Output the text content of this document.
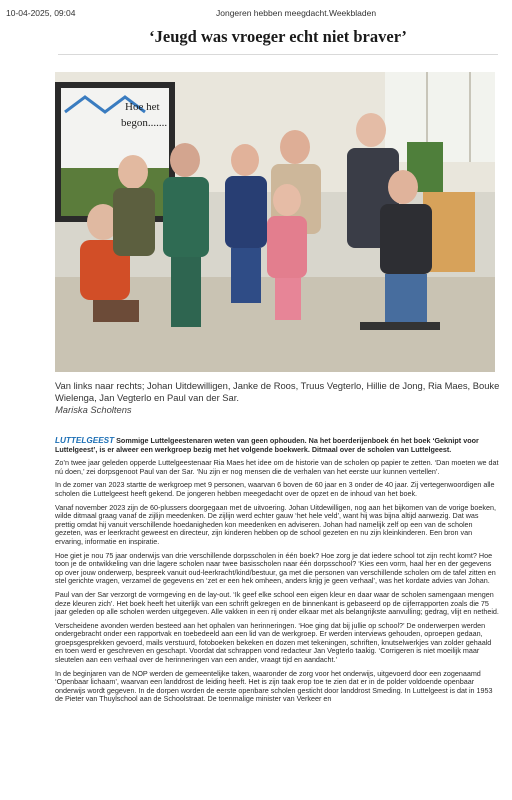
10-04-2025, 09:04	Jongeren hebben meegdacht.Weekbladen
‘Jeugd was vroeger echt niet braver’
Hoe het
begon.......
Van links naar rechts; Johan Uitdewilligen, Janke de Roos, Truus Vegterlo, Hillie de Jong, Ria Maes, Bouke Wielenga, Jan Vegterlo en Paul van der Sar.
Mariska Scholtens

LUTTELGEEST Sommige Luttelgeestenaren weten van geen ophouden. Na het boerderijenboek én het boek ‘Geknipt voor Luttelgeest’, is er alweer een werkgroep bezig met het volgende boekwerk. Ditmaal over de scholen van Luttelgeest.

Zo’n twee jaar geleden opperde Luttelgeestenaar Ria Maes het idee om de historie van de scholen op papier te zetten. ‘Dan moeten we dat nú doen,’ zei dorpsgenoot Paul van der Sar. ‘Nu zijn er nog mensen die de verhalen van het eerste uur kunnen vertellen’.

In de zomer van 2023 startte de werkgroep met 9 personen, waarvan 6 boven de 60 jaar en 3 onder de 40 jaar. Zij vertegenwoordigen alle scholen die Luttelgeest heeft gekend. De jongeren hebben meegedacht over de opzet en de inhoud van het boek.

Vanaf november 2023 zijn de 60-plussers doorgegaan met de uitvoering. Johan Uitdewilligen, nog aan het bijkomen van de vorige boeken, wilde ditmaal graag vanaf de zijlijn meedenken. De zijlijn werd echter gauw ‘het hele veld’, want hij was bijna altijd aanwezig. Dat was prettig omdat hij vanuit verschillende hoedanigheden kon meedenken en adviseren. Johan had namelijk zelf op een van de scholen gezeten, was er leerkracht geweest en directeur, zijn kinderen hebben op de school gezeten en nu zijn kleinkinderen. Een bron van ervaring, informatie en inspiratie.

Hoe giet je nou 75 jaar onderwijs van drie verschillende dorpsscholen in één boek? Hoe zorg je dat iedere school tot zijn recht komt? Hoe toon je de ontwikkeling van drie lagere scholen naar twee basisscholen naar één dorpsschool? ‘Kies een vorm, haal her en der gegevens op over jouw onderwerp, bespreek vanuit oud-leerkracht/kind/bestuur, ga met die personen van verschillende scholen om de tafel zitten en stel gerichte vragen, verzamel de gegevens en ‘zet er een hek omheen, anders krijg je geen verhaal’, was het kordate advies van Johan.

Paul van der Sar verzorgt de vormgeving en de lay-out. ‘Ik geef elke school een eigen kleur en daar waar de scholen samengaan mengen deze kleuren zich’. Het boek heeft het uiterlijk van een schrift gekregen en de binnenkant is gebaseerd op de cijferrapporten zoals die 75 jaar geleden op alle scholen werden uitgegeven. Alle vakken in een rij onder elkaar met als belangrijkste aanvulling; gedrag, vlijt en netheid.

Verscheidene avonden werden besteed aan het ophalen van herinneringen. ‘Hoe ging dat bij jullie op school?’ De onderwerpen werden ondergebracht onder een rapportvak en toebedeeld aan een lid van de werkgroep. Er werden interviews gehouden, oproepen gedaan, groepsgesprekken gevoerd, mails verstuurd, fotoboeken bekeken en dozen met tekeningen, schriften, knutselwerkjes van zolder gehaald en toen werd er geschreven en geschapt. Voordat dat schrappen vond redacteur Jan Vegterlo taakig. ‘Corrigeren is niet moeilijk maar sleutelen aan een verhaal over de herinneringen van een ander, vraagt tijd en aandacht.’

In de beginjaren van de NOP werden de gemeentelijke taken, waaronder de zorg voor het onderwijs, uitgevoerd door een zogenaamd ‘Openbaar lichaam’, waarvan een landdrost de leiding heeft. Het is zijn taak erop toe te zien dat er in de polder voldoende openbaar onderwijs wordt gegeven. In de dorpen worden de eerste openbare scholen gesticht door landdrost Smeding. In Luttelgeest is dat in 1953 de Pieter van Thuylschool aan de Schoolstraat. De toenmalige minister van Verkeer en
